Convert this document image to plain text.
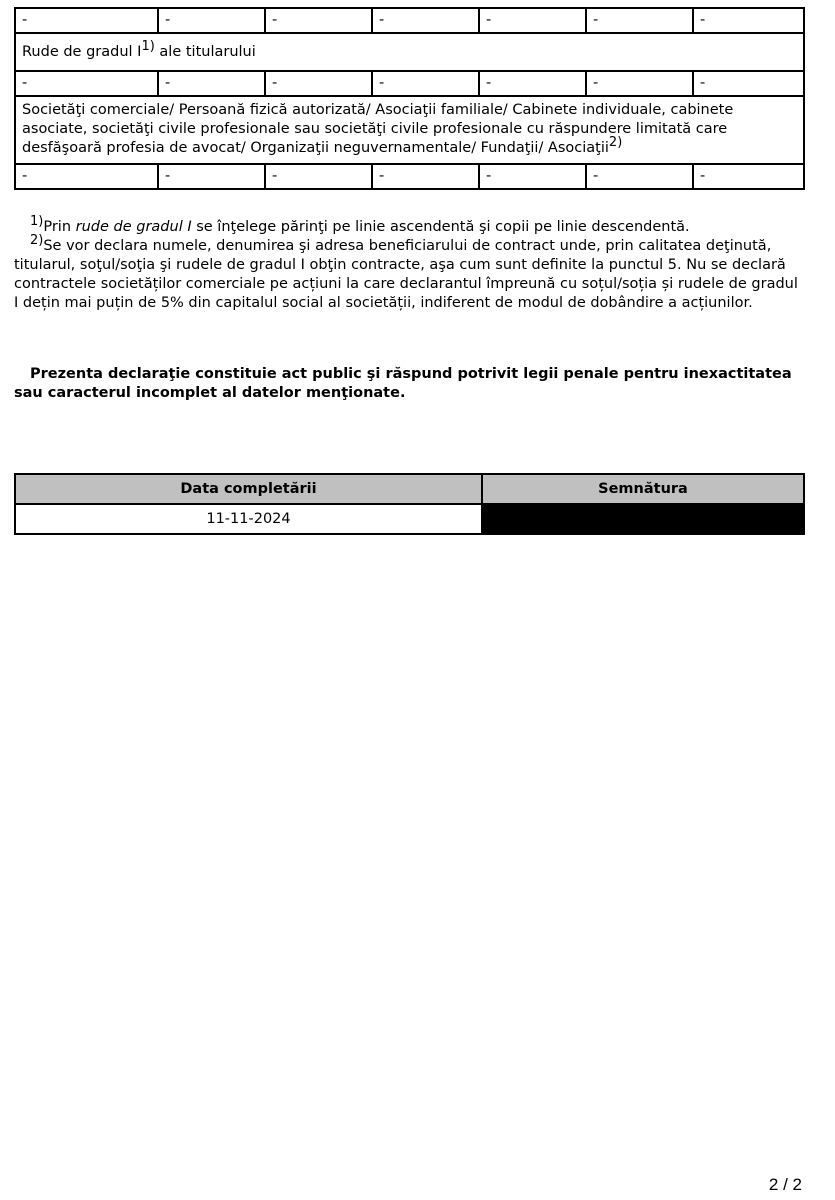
-	-	-	-	-	-	-
Rude de gradul $I^{1)}$ ale titularului						
-	-	-	-	-	-	-
Societăţi comerciale/ Persoană fizică autorizată/ Asociaţii familiale/ Cabinete individuale, cabinete asociate, societăţi civile profesionale sau societăţi civile profesionale cu răspundere limitată care desfăşoară profesia de avocat/ Organizaţii neguvernamentale/ Fundaţii/ Asociaţii$^{2)}$
-	-	-	-	-	-	-

$^{1)}$Prin rude de gradul I se înţelege părinţi pe linie ascendentă şi copii pe linie descendentă.

$^{2)}$Se vor declara numele, denumirea şi adresa beneficiarului de contract unde, prin calitatea deţinută, titularul, soţul/soţia şi rudele de gradul I obţin contracte, aşa cum sunt definite la punctul 5. Nu se declară contractele societăților comerciale pe acțiuni la care declarantul împreună cu soțul/soția și rudele de gradul I dețin mai puțin de 5% din capitalul social al societății, indiferent de modul de dobândire a acțiunilor.

Prezenta declaraţie constituie act public şi răspund potrivit legii penale pentru inexactitatea sau caracterul incomplet al datelor menţionate.
Data completării	Semnătura
11-11-2024	
2 / 2
